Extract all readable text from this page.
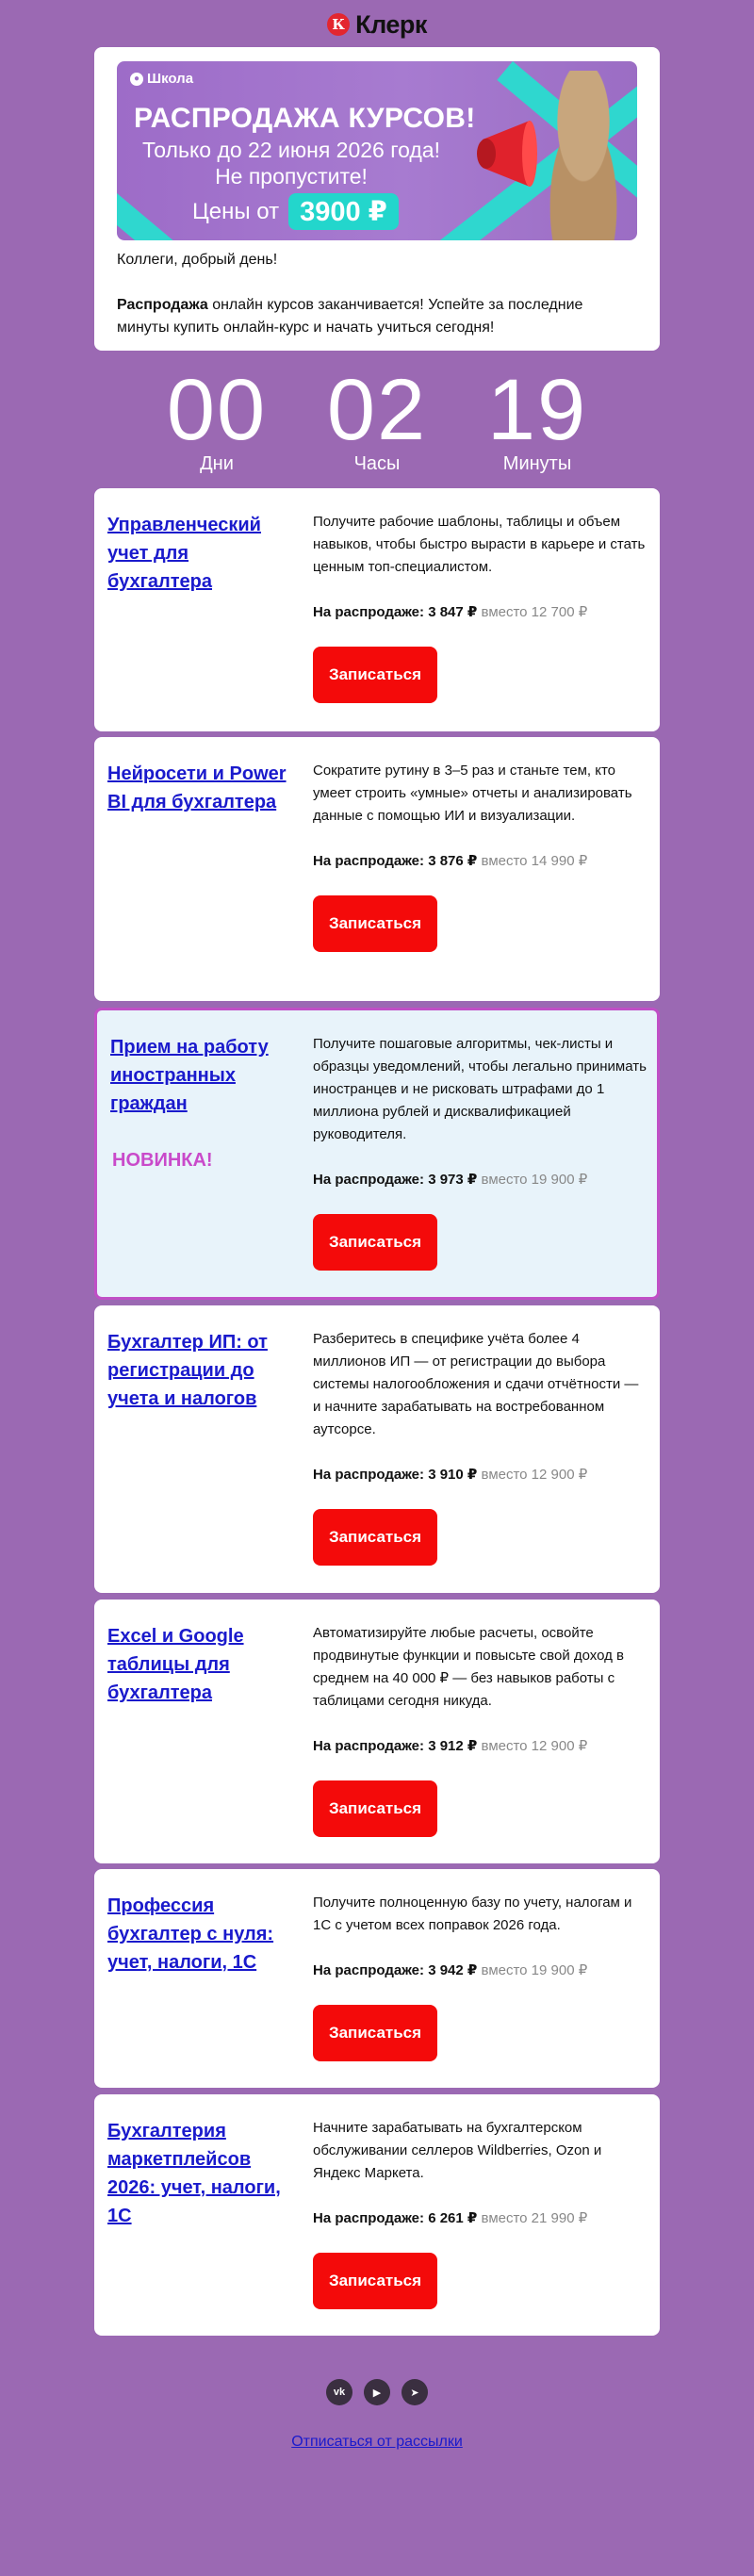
К Клерк
● Школа
РАСПРОДАЖА КУРСОВ!
Только до 22 июня 2026 года!
Не пропустите!
Цены от 3900 ₽

Коллеги, добрый день!

Распродажа онлайн курсов заканчивается! Успейте за последние минуты купить онлайн-курс и начать учиться сегодня!

00
Дни
02
Часы
19
Минуты
Управленческий учет для бухгалтера
Получите рабочие шаблоны, таблицы и объем навыков, чтобы быстро вырасти в карьере и стать ценным топ-специалистом.
На распродаже: 3 847 ₽ вместо 12 700 ₽
Записаться
Нейросети и Power BI для бухгалтера
Сократите рутину в 3–5 раз и станьте тем, кто умеет строить «умные» отчеты и анализировать данные с помощью ИИ и визуализации.
На распродаже: 3 876 ₽ вместо 14 990 ₽
Записаться
Прием на работу иностранных граждан
НОВИНКА!
Получите пошаговые алгоритмы, чек-листы и образцы уведомлений, чтобы легально принимать иностранцев и не рисковать штрафами до 1 миллиона рублей и дисквалификацией руководителя.
На распродаже: 3 973 ₽ вместо 19 900 ₽
Записаться
Бухгалтер ИП: от регистрации до учета и налогов
Разберитесь в специфике учёта более 4 миллионов ИП — от регистрации до выбора системы налогообложения и сдачи отчётности — и начните зарабатывать на востребованном аутсорсе.
На распродаже: 3 910 ₽ вместо 12 900 ₽
Записаться
Excel и Google таблицы для бухгалтера
Автоматизируйте любые расчеты, освойте продвинутые функции и повысьте свой доход в среднем на 40 000 ₽ — без навыков работы с таблицами сегодня никуда.
На распродаже: 3 912 ₽ вместо 12 900 ₽
Записаться
Профессия бухгалтер с нуля: учет, налоги, 1С
Получите полноценную базу по учету, налогам и 1С с учетом всех поправок 2026 года.
На распродаже: 3 942 ₽ вместо 19 900 ₽
Записаться
Бухгалтерия маркетплейсов 2026: учет, налоги, 1С
Начните зарабатывать на бухгалтерском обслуживании селлеров Wildberries, Ozon и Яндекс Маркета.
На распродаже: 6 261 ₽ вместо 21 990 ₽
Записаться
vk	▶	➤
Отписаться от рассылки
